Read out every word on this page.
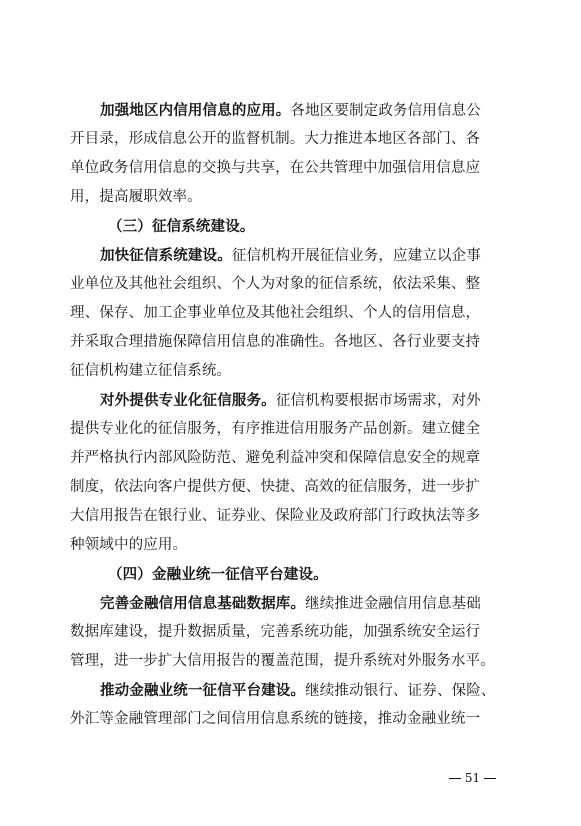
加强地区内信用信息的应用。各地区要制定政务信用信息公
开目录，形成信息公开的监督机制。大力推进本地区各部门、各
单位政务信用信息的交换与共享，在公共管理中加强信用信息应
用，提高履职效率。
（三）征信系统建设。
加快征信系统建设。征信机构开展征信业务，应建立以企事
业单位及其他社会组织、个人为对象的征信系统，依法采集、整
理、保存、加工企事业单位及其他社会组织、个人的信用信息，
并采取合理措施保障信用信息的准确性。各地区、各行业要支持
征信机构建立征信系统。
对外提供专业化征信服务。征信机构要根据市场需求，对外
提供专业化的征信服务，有序推进信用服务产品创新。建立健全
并严格执行内部风险防范、避免利益冲突和保障信息安全的规章
制度，依法向客户提供方便、快捷、高效的征信服务，进一步扩
大信用报告在银行业、证券业、保险业及政府部门行政执法等多
种领域中的应用。
（四）金融业统一征信平台建设。
完善金融信用信息基础数据库。继续推进金融信用信息基础
数据库建设，提升数据质量，完善系统功能，加强系统安全运行
管理，进一步扩大信用报告的覆盖范围，提升系统对外服务水平。
推动金融业统一征信平台建设。继续推动银行、证券、保险、
外汇等金融管理部门之间信用信息系统的链接，推动金融业统一
51
